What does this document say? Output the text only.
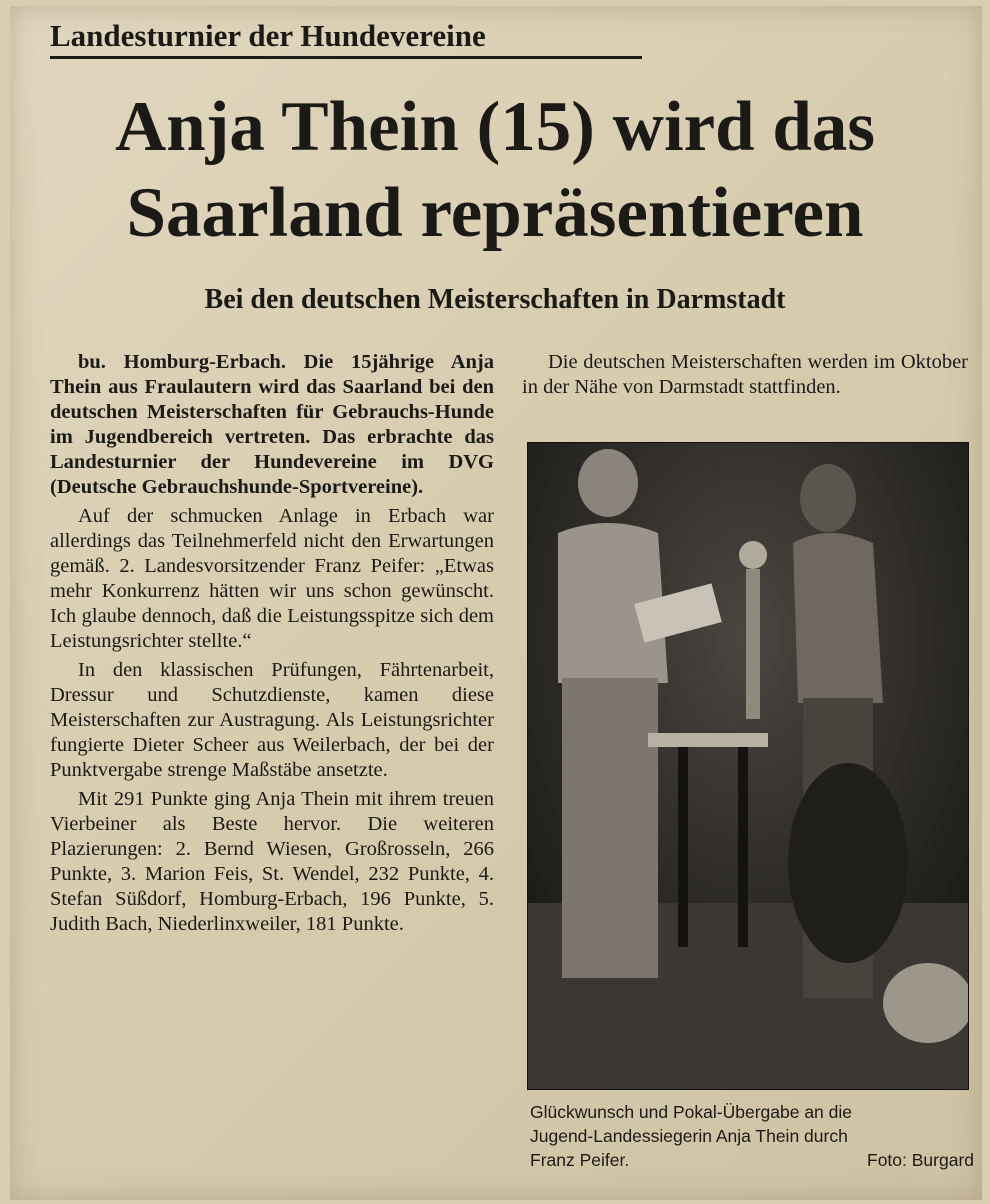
Landesturnier der Hundevereine
Anja Thein (15) wird das
Saarland repräsentieren
Bei den deutschen Meisterschaften in Darmstadt

bu. Homburg-Erbach. Die 15jährige Anja Thein aus Fraulautern wird das Saarland bei den deutschen Meisterschaften für Gebrauchs-Hunde im Jugendbereich vertreten. Das erbrachte das Landesturnier der Hundevereine im DVG (Deutsche Gebrauchshunde-Sportvereine).

Auf der schmucken Anlage in Erbach war allerdings das Teilnehmerfeld nicht den Erwartungen gemäß. 2. Landesvorsitzender Franz Peifer: „Etwas mehr Konkurrenz hätten wir uns schon gewünscht. Ich glaube dennoch, daß die Leistungsspitze sich dem Leistungsrichter stellte.“

In den klassischen Prüfungen, Fährtenarbeit, Dressur und Schutzdienste, kamen diese Meisterschaften zur Austragung. Als Leistungsrichter fungierte Dieter Scheer aus Weilerbach, der bei der Punktvergabe strenge Maßstäbe ansetzte.

Mit 291 Punkte ging Anja Thein mit ihrem treuen Vierbeiner als Beste hervor. Die weiteren Plazierungen: 2. Bernd Wiesen, Großrosseln, 266 Punkte, 3. Marion Feis, St. Wendel, 232 Punkte, 4. Stefan Süßdorf, Homburg-Erbach, 196 Punkte, 5. Judith Bach, Niederlinxweiler, 181 Punkte.

Die deutschen Meisterschaften werden im Oktober in der Nähe von Darmstadt stattfinden.
Glückwunsch und Pokal-Übergabe an die
Jugend-Landessiegerin Anja Thein durch
Franz Peifer.	Foto: Burgard
